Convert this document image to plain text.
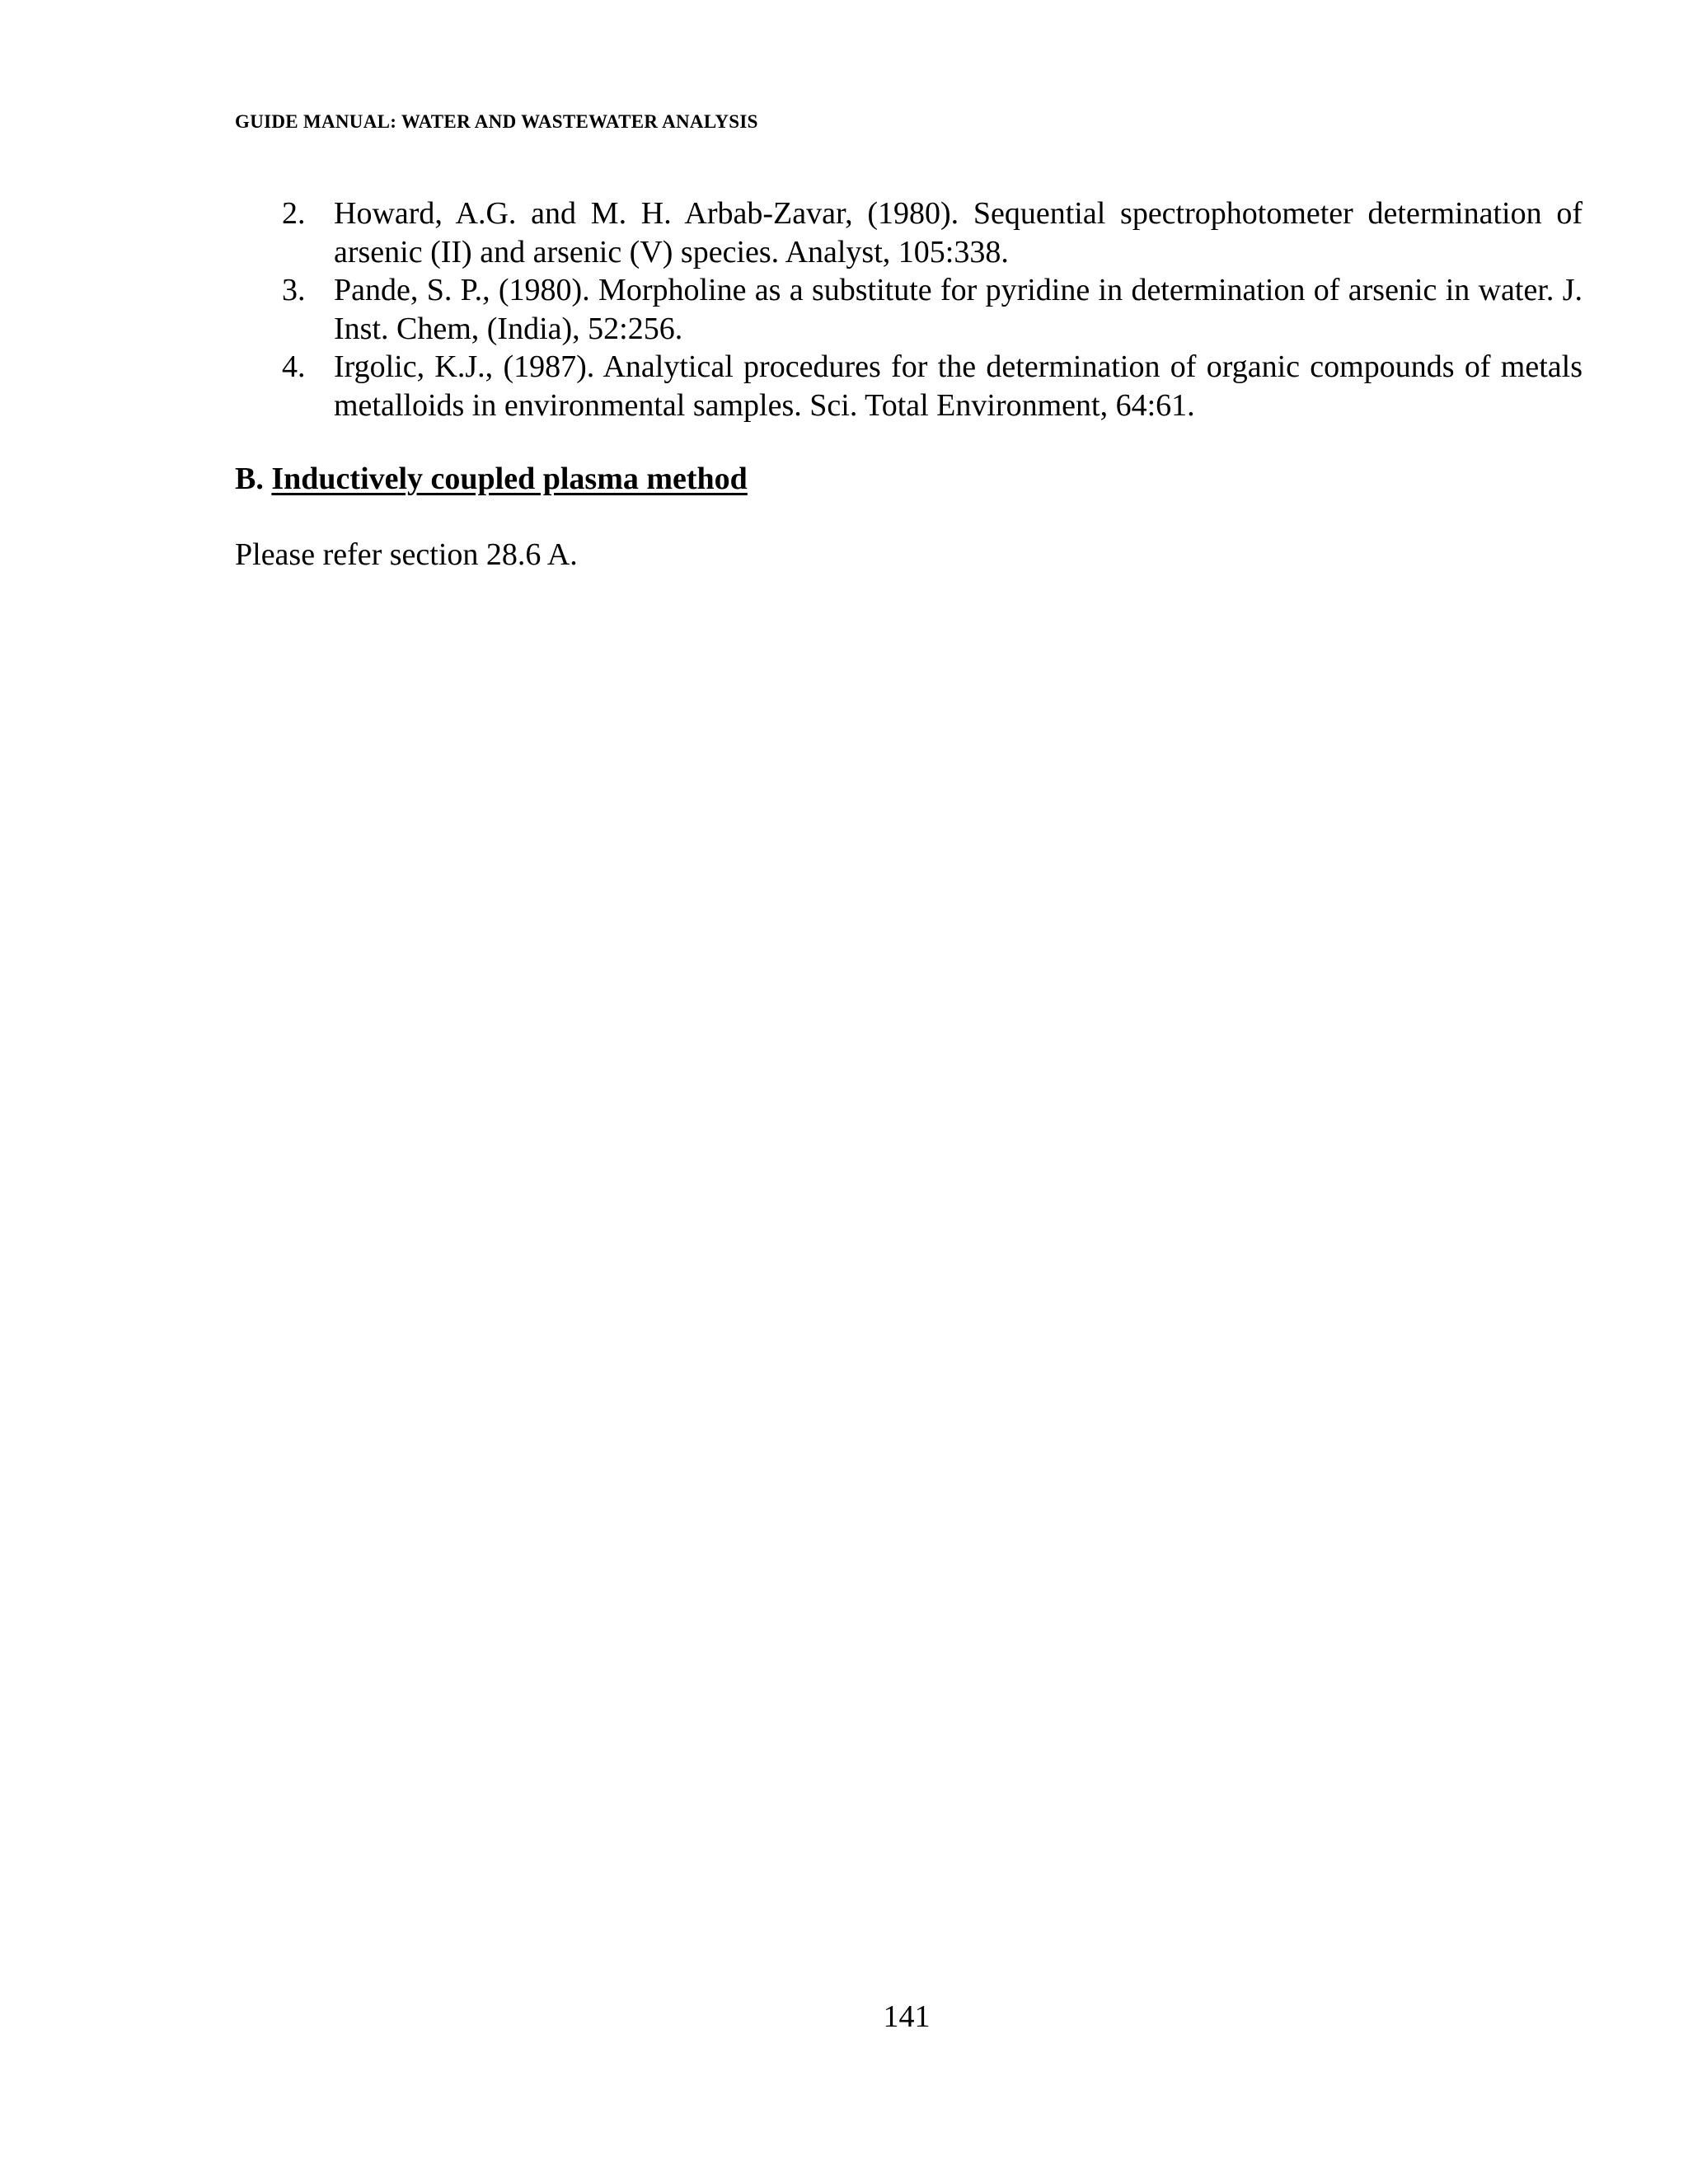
GUIDE MANUAL: WATER AND WASTEWATER ANALYSIS
2. Howard, A.G. and M. H. Arbab-Zavar, (1980). Sequential spectrophotometer determination of arsenic (II) and arsenic (V) species. Analyst, 105:338.
3. Pande, S. P., (1980). Morpholine as a substitute for pyridine in determination of arsenic in water. J. Inst. Chem, (India), 52:256.
4. Irgolic, K.J., (1987). Analytical procedures for the determination of organic compounds of metals metalloids in environmental samples. Sci. Total Environment, 64:61.
B. Inductively coupled plasma method
Please refer section 28.6 A.
141
